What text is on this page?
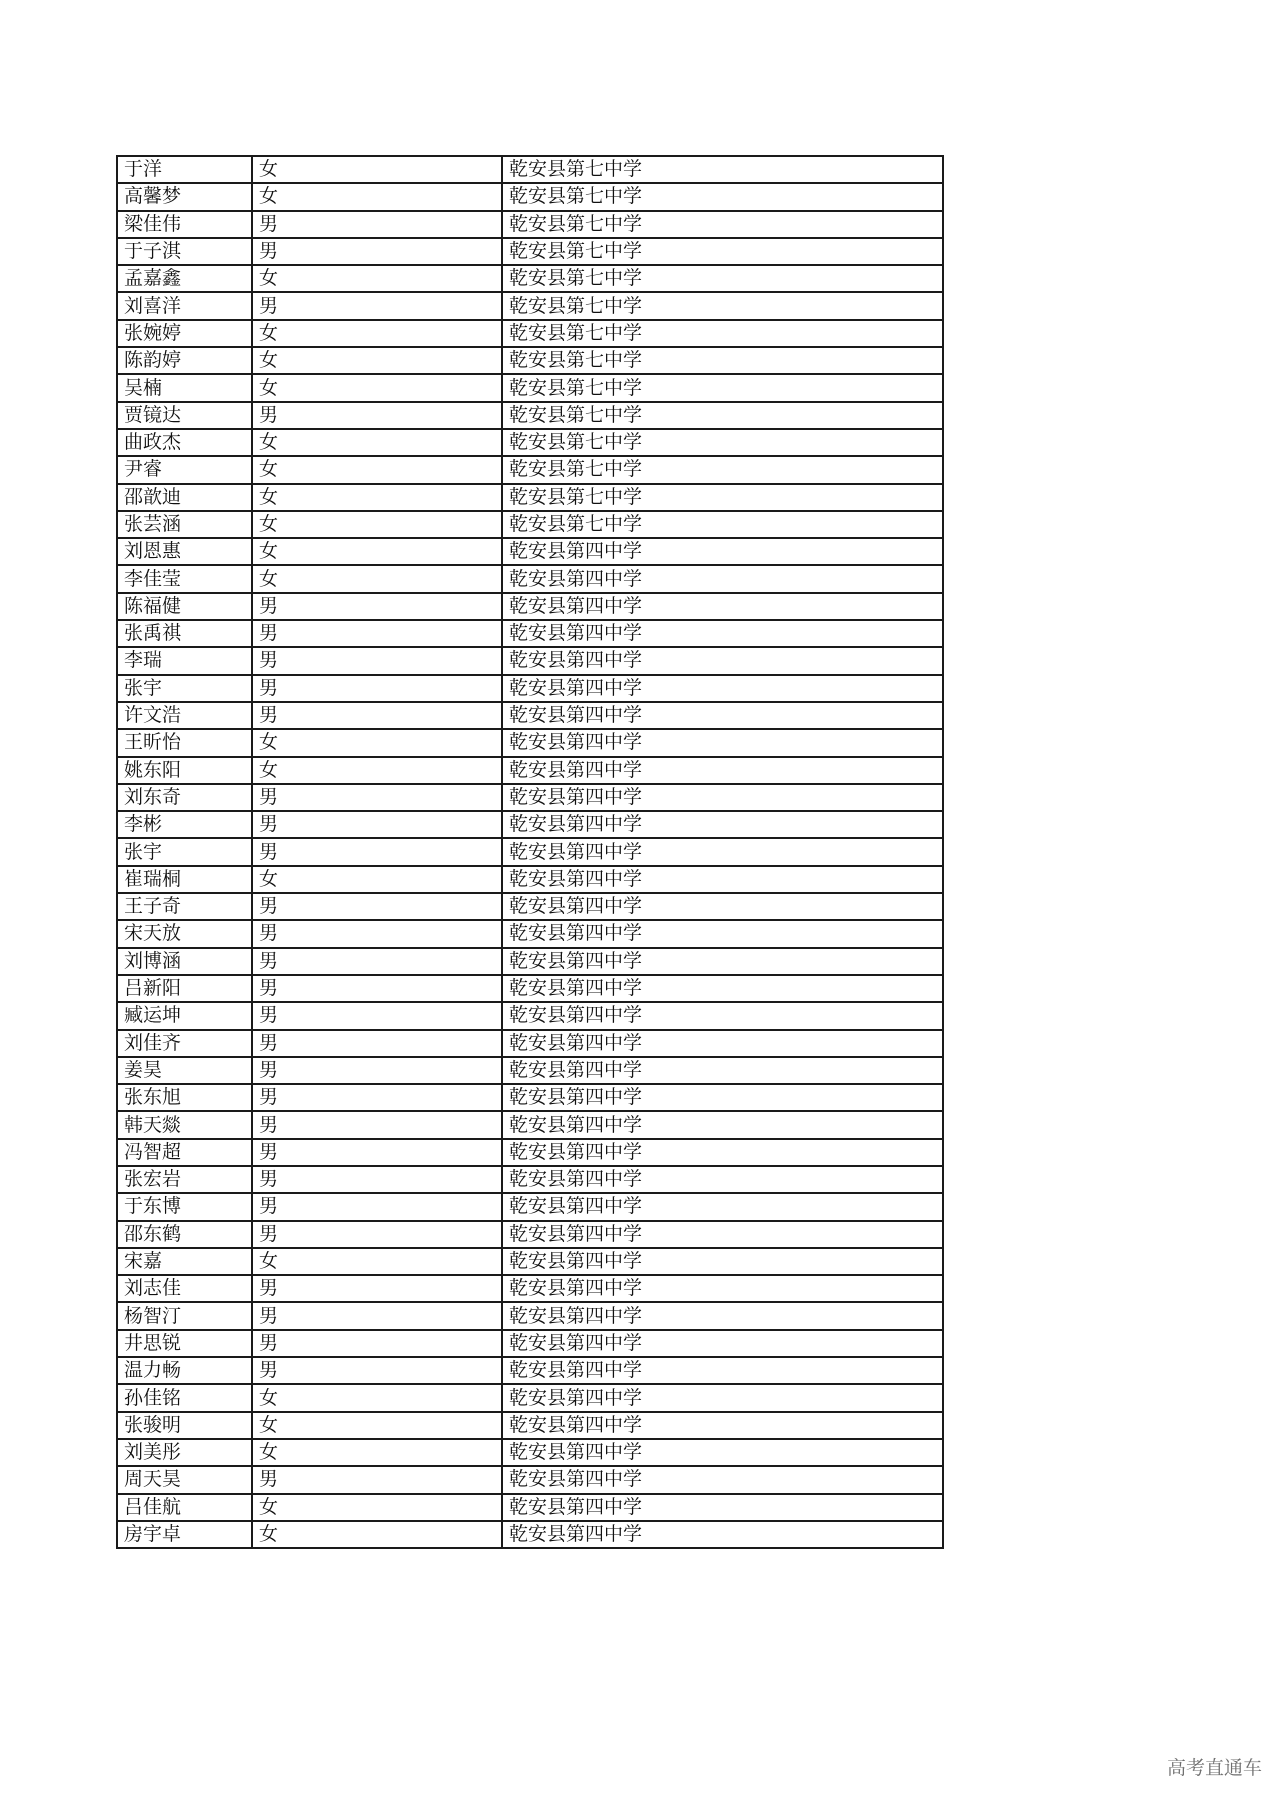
于洋	女	乾安县第七中学
高馨梦	女	乾安县第七中学
梁佳伟	男	乾安县第七中学
于子淇	男	乾安县第七中学
孟嘉鑫	女	乾安县第七中学
刘喜洋	男	乾安县第七中学
张婉婷	女	乾安县第七中学
陈韵婷	女	乾安县第七中学
吴楠	女	乾安县第七中学
贾镜达	男	乾安县第七中学
曲政杰	女	乾安县第七中学
尹睿	女	乾安县第七中学
邵歆迪	女	乾安县第七中学
张芸涵	女	乾安县第七中学
刘恩惠	女	乾安县第四中学
李佳莹	女	乾安县第四中学
陈福健	男	乾安县第四中学
张禹祺	男	乾安县第四中学
李瑞	男	乾安县第四中学
张宇	男	乾安县第四中学
许文浩	男	乾安县第四中学
王昕怡	女	乾安县第四中学
姚东阳	女	乾安县第四中学
刘东奇	男	乾安县第四中学
李彬	男	乾安县第四中学
张宇	男	乾安县第四中学
崔瑞桐	女	乾安县第四中学
王子奇	男	乾安县第四中学
宋天放	男	乾安县第四中学
刘博涵	男	乾安县第四中学
吕新阳	男	乾安县第四中学
臧运坤	男	乾安县第四中学
刘佳齐	男	乾安县第四中学
姜昊	男	乾安县第四中学
张东旭	男	乾安县第四中学
韩天燚	男	乾安县第四中学
冯智超	男	乾安县第四中学
张宏岩	男	乾安县第四中学
于东博	男	乾安县第四中学
邵东鹤	男	乾安县第四中学
宋嘉	女	乾安县第四中学
刘志佳	男	乾安县第四中学
杨智汀	男	乾安县第四中学
井思锐	男	乾安县第四中学
温力畅	男	乾安县第四中学
孙佳铭	女	乾安县第四中学
张骏明	女	乾安县第四中学
刘美彤	女	乾安县第四中学
周天昊	男	乾安县第四中学
吕佳航	女	乾安县第四中学
房宇卓	女	乾安县第四中学
高考直通车
